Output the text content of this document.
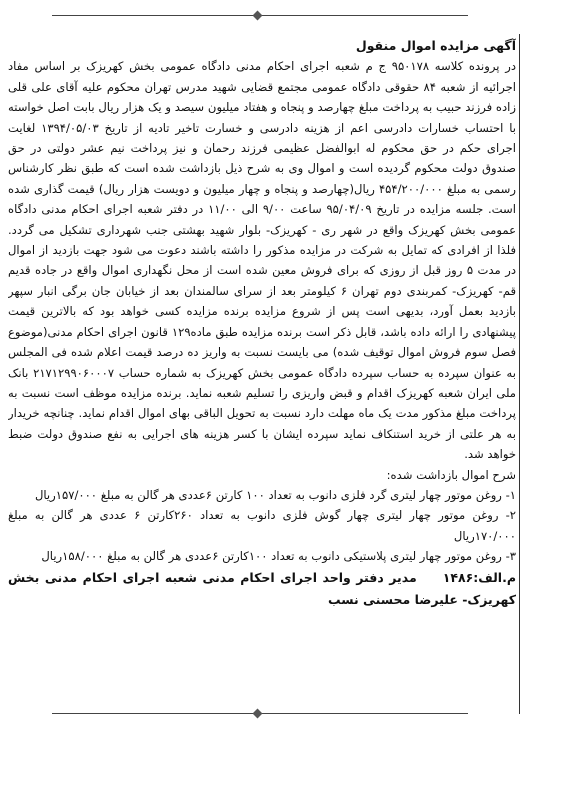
آگهی مزایده اموال منقول

در پرونده کلاسه ۹۵۰۱۷۸ ج م شعبه اجرای احکام مدنی دادگاه عمومی بخش کهریزک بر اساس مفاد اجرائیه از شعبه ۸۴ حقوقی دادگاه عمومی مجتمع قضایی شهید مدرس تهران محکوم علیه آقای علی قلی زاده فرزند حبیب به پرداخت مبلغ چهارصد و پنجاه و هفتاد میلیون سیصد و یک هزار ریال بابت اصل خواسته با احتساب خسارات دادرسی اعم از هزینه دادرسی و خسارت تاخیر تادیه از تاریخ ۱۳۹۴/۰۵/۰۳ لغایت اجرای حکم در حق محکوم له ابوالفضل عظیمی فرزند رحمان و نیز پرداخت نیم عشر دولتی در حق صندوق دولت محکوم گردیده است و اموال وی به شرح ذیل بازداشت شده است که طبق نظر کارشناس رسمی به مبلغ ۴۵۴/۲۰۰/۰۰۰ ریال(چهارصد و پنجاه و چهار میلیون و دویست هزار ریال) قیمت گذاری شده است. جلسه مزایده در تاریخ ۹۵/۰۴/۰۹ ساعت ۹/۰۰ الی ۱۱/۰۰ در دفتر شعبه اجرای احکام مدنی دادگاه عمومی بخش کهریزک واقع در شهر ری - کهریزک- بلوار شهید بهشتی جنب شهرداری تشکیل می گردد. فلذا از افرادی که تمایل به شرکت در مزایده مذکور را داشته باشند دعوت می شود جهت بازدید از اموال در مدت ۵ روز قبل از روزی که برای فروش معین شده است از محل نگهداری اموال واقع در جاده قدیم قم- کهریزک- کمربندی دوم تهران ۶ کیلومتر بعد از سرای سالمندان بعد از خیابان جان برگی انبار سپهر بازدید بعمل آورد، بدیهی است پس از شروع مزایده برنده مزایده کسی خواهد بود که بالاترین قیمت پیشنهادی را ارائه داده باشد، قابل ذکر است برنده مزایده طبق ماده۱۲۹ قانون اجرای احکام مدنی(موضوع فصل سوم فروش اموال توقیف شده) می بایست نسبت به واریز ده درصد قیمت اعلام شده فی المجلس به عنوان سپرده به حساب سپرده دادگاه عمومی بخش کهریزک به شماره حساب ۲۱۷۱۲۹۹۰۶۰۰۰۷ بانک ملی ایران شعبه کهریزک اقدام و قبض واریزی را تسلیم شعبه نماید. برنده مزایده موظف است نسبت به پرداخت مبلغ مذکور مدت یک ماه مهلت دارد نسبت به تحویل الباقی بهای اموال اقدام نماید. چنانچه خریدار به هر علتی از خرید استنکاف نماید سپرده ایشان با کسر هزینه های اجرایی به نفع صندوق دولت ضبط خواهد شد.

شرح اموال بازداشت شده:

۱- روغن موتور چهار لیتری گرد فلزی دانوب به تعداد ۱۰۰ کارتن ۶عددی هر گالن به مبلغ ۱۵۷/۰۰۰ریال

۲- روغن موتور چهار لیتری چهار گوش فلزی دانوب به تعداد ۲۶۰کارتن ۶ عددی هر گالن به مبلغ ۱۷۰/۰۰۰ریال

۳- روغن موتور چهار لیتری پلاستیکی دانوب به تعداد ۱۰۰کارتن ۶عددی هر گالن به مبلغ ۱۵۸/۰۰۰ریال

م.الف:۱۴۸۶مدیر دفتر واحد اجرای احکام مدنی شعبه اجرای احکام مدنی بخش کهریزک- علیرضا محسنی نسب
